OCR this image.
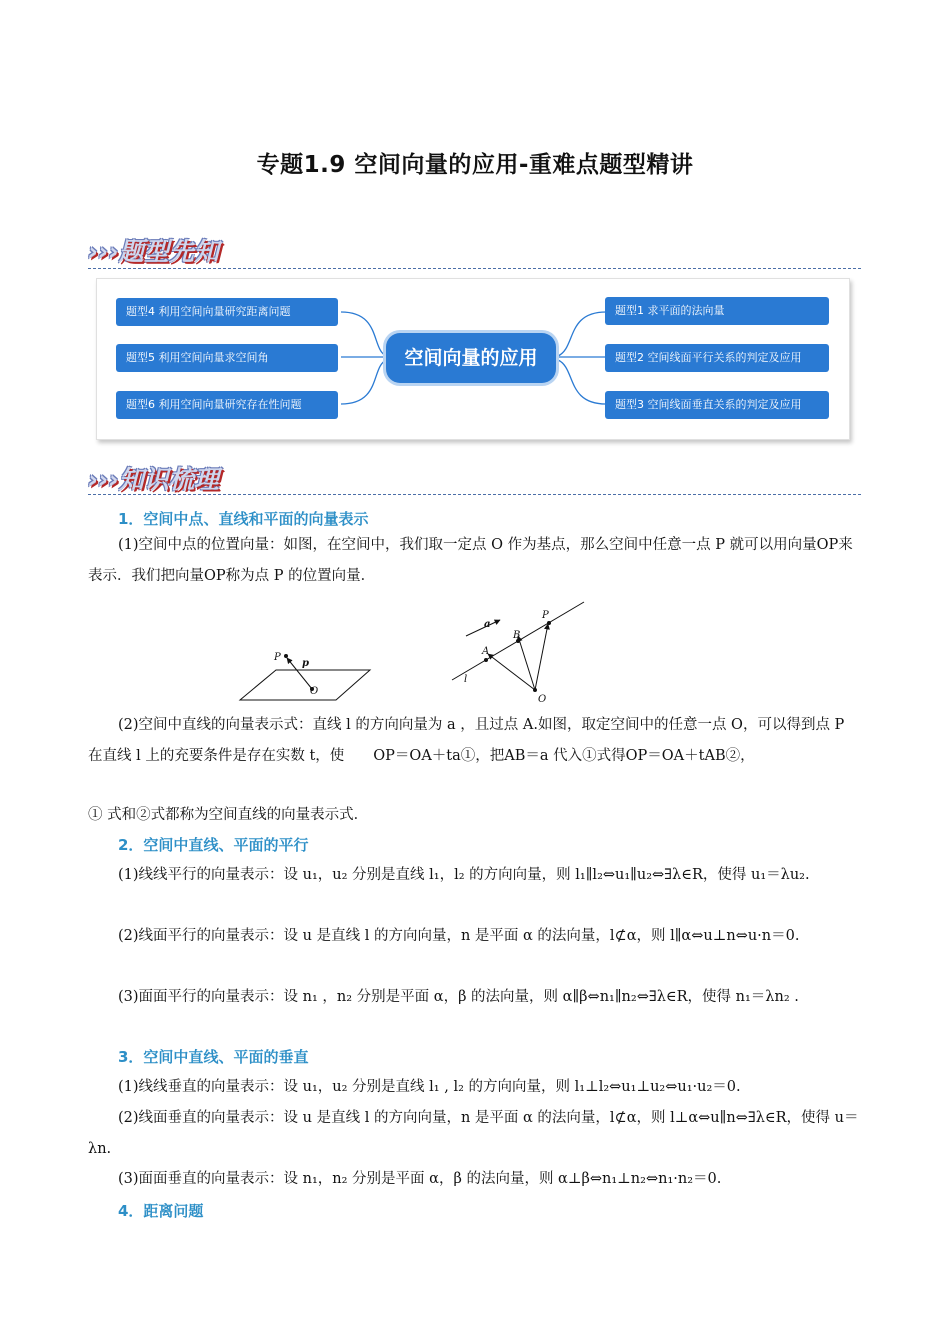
专题1.9 空间向量的应用-重难点题型精讲
›››题型先知
空间向量的应用
题型4 利用空间向量研究距离问题
题型5 利用空间向量求空间角
题型6 利用空间向量研究存在性问题
题型1 求平面的法向量
题型2 空间线面平行关系的判定及应用
题型3 空间线面垂直关系的判定及应用
›››知识梳理
1．空间中点、直线和平面的向量表示
(1)空间中点的位置向量：如图，在空间中，我们取一定点 O 作为基点，那么空间中任意一点 P 就可以用向量OP来表示．我们把向量OP称为点 P 的位置向量．
P
p
O
a
B
P
A
l
O
(2)空间中直线的向量表示式：直线 l 的方向向量为 a ，且过点 A.如图，取定空间中的任意一点 O，可以得到点 P 在直线 l 上的充要条件是存在实数 t，使　　OP＝OA＋ta①，把AB＝a 代入①式得OP＝OA＋tAB②，
① 式和②式都称为空间直线的向量表示式．
2．空间中直线、平面的平行
(1)线线平行的向量表示：设 u₁，u₂ 分别是直线 l₁，l₂ 的方向向量，则 l₁∥l₂⇔u₁∥u₂⇔∃λ∈R，使得 u₁＝λu₂.
(2)线面平行的向量表示：设 u 是直线 l 的方向向量，n 是平面 α 的法向量，l⊄α，则 l∥α⇔u⊥n⇔u·n＝0.
(3)面面平行的向量表示：设 n₁ ，n₂ 分别是平面 α，β 的法向量，则 α∥β⇔n₁∥n₂⇔∃λ∈R，使得 n₁＝λn₂ .
3．空间中直线、平面的垂直
(1)线线垂直的向量表示：设 u₁，u₂ 分别是直线 l₁ , l₂ 的方向向量，则 l₁⊥l₂⇔u₁⊥u₂⇔u₁·u₂＝0.
(2)线面垂直的向量表示：设 u 是直线 l 的方向向量，n 是平面 α 的法向量，l⊄α，则 l⊥α⇔u∥n⇔∃λ∈R，使得 u＝λn.
(3)面面垂直的向量表示：设 n₁，n₂ 分别是平面 α，β 的法向量，则 α⊥β⇔n₁⊥n₂⇔n₁·n₂＝0.
4．距离问题
